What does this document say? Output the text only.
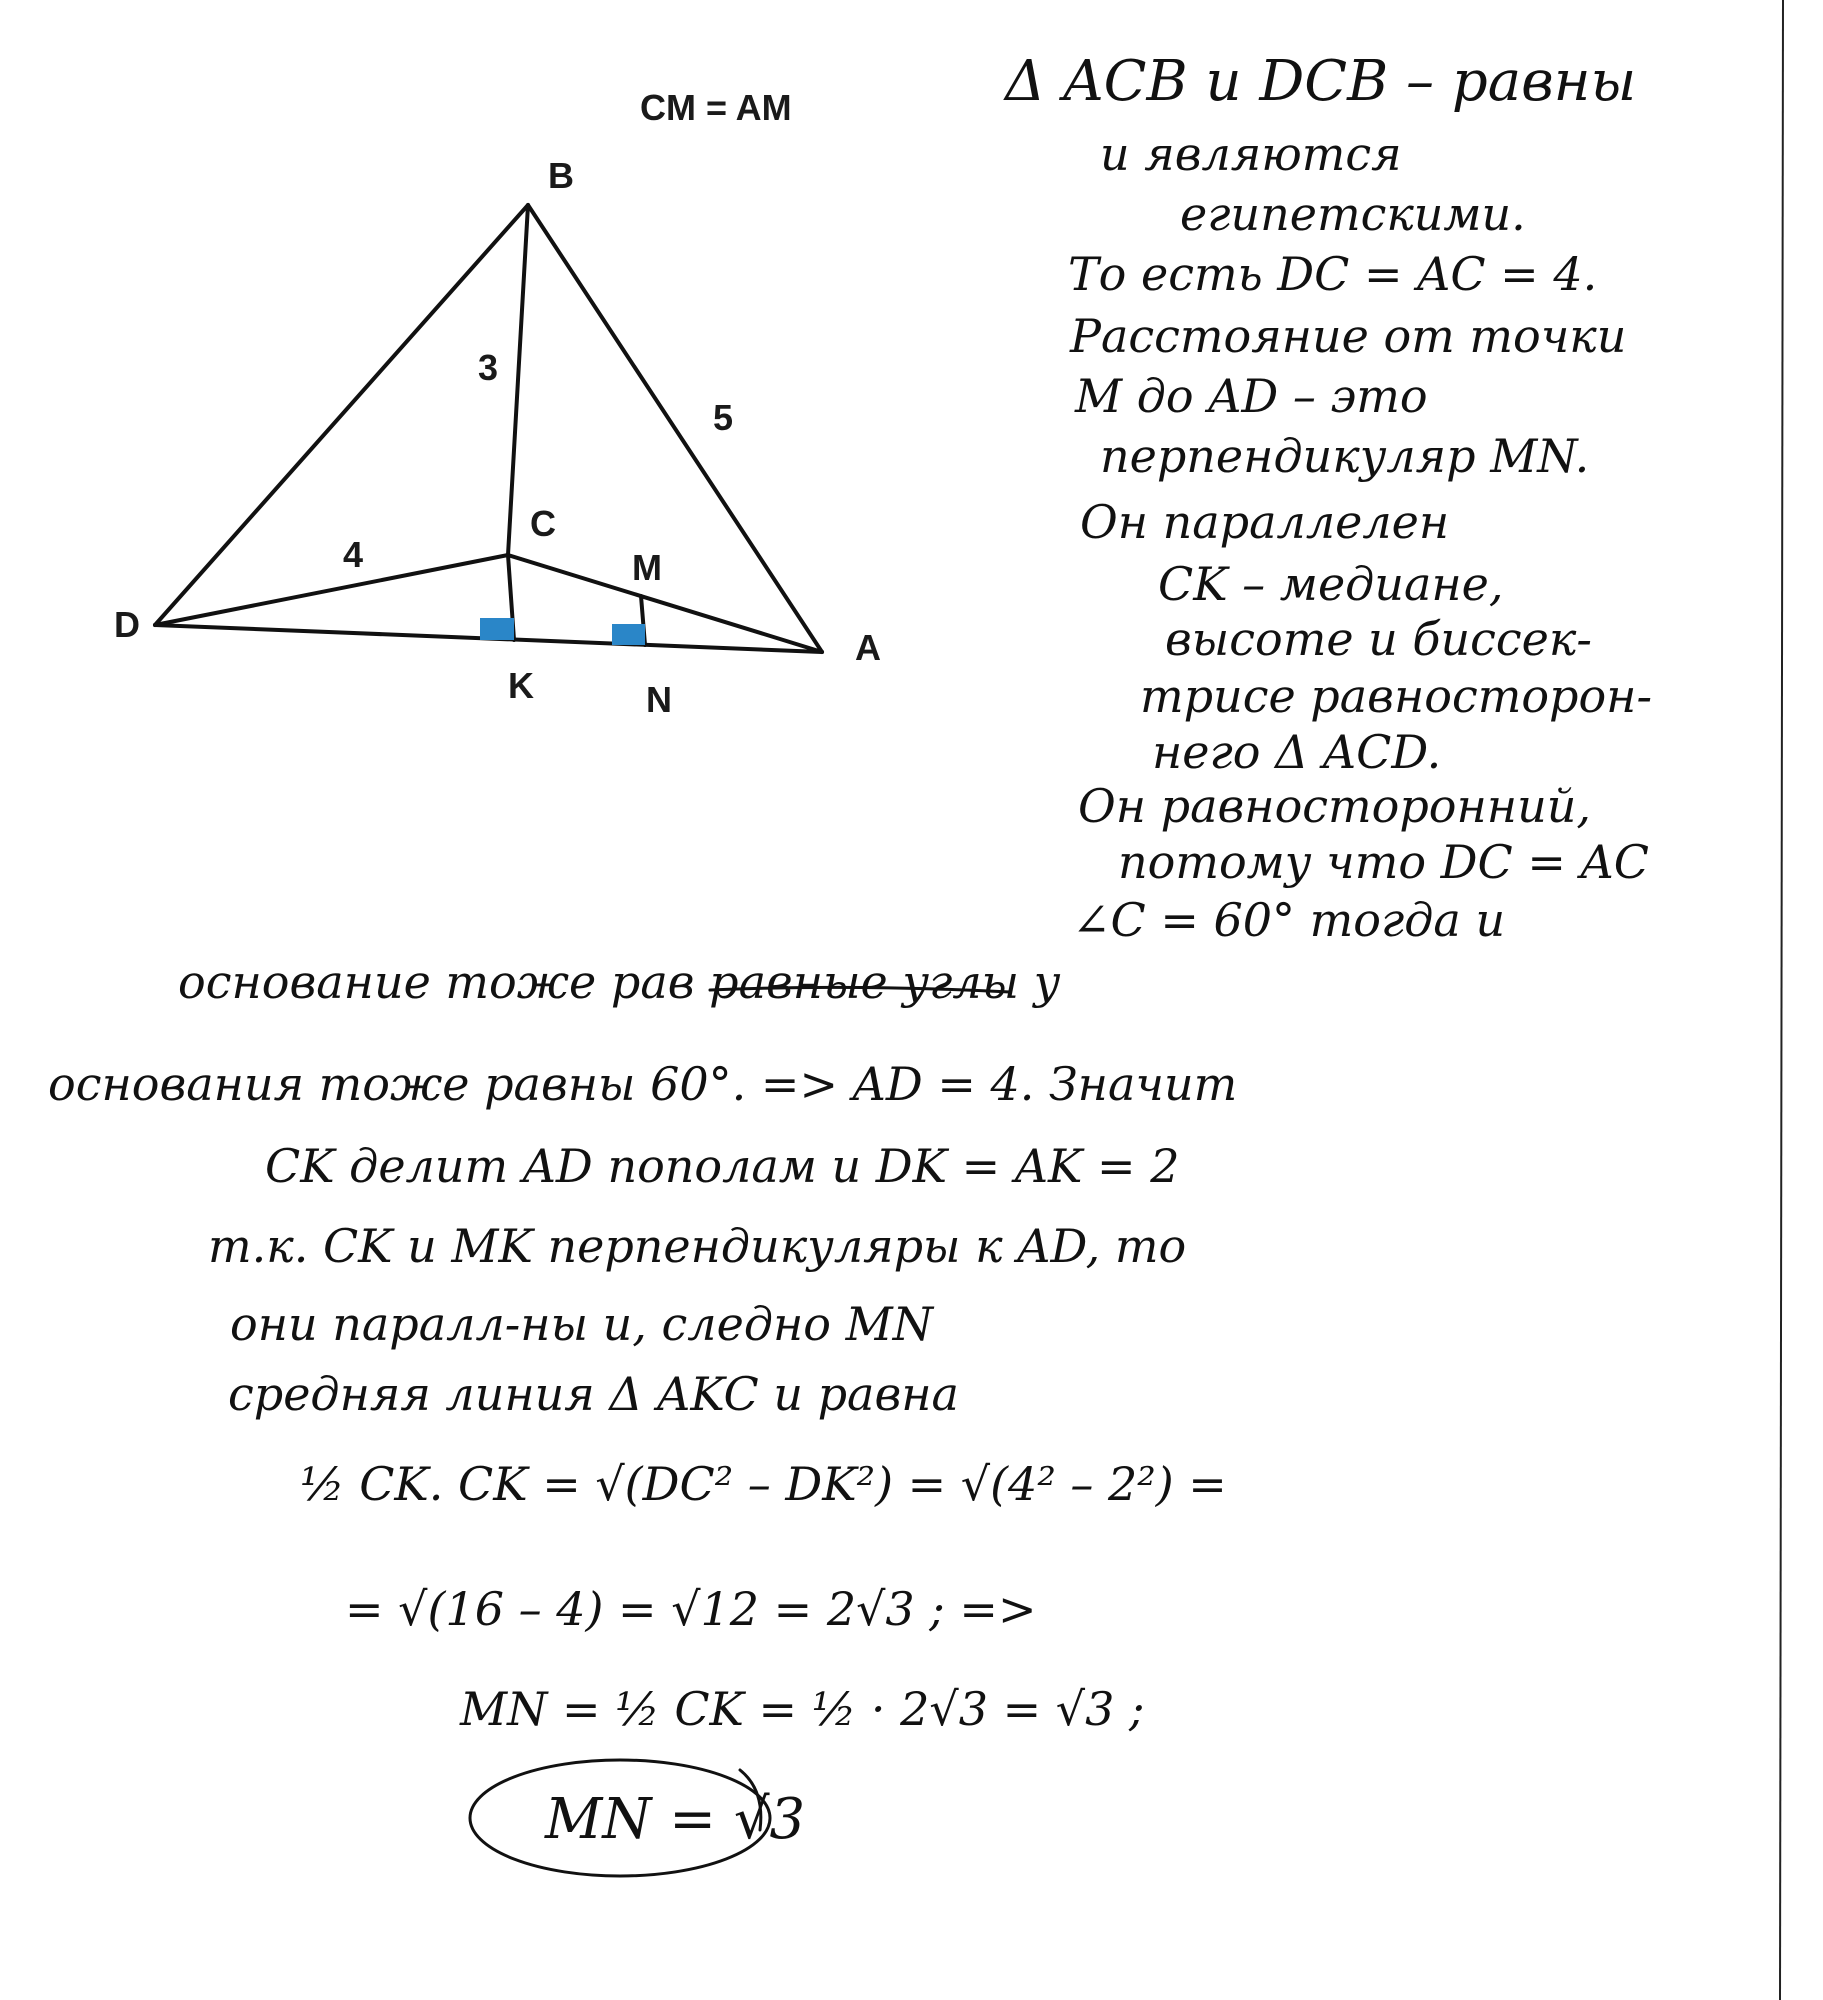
CM = AM
B
C
D
A
M
K	N
3
5
4
Δ ACB и DCB – равны
и являются
египетскими.
То есть DC = AC = 4.
Расстояние от точки
M до AD – это
перпендикуляр MN.
Он параллелен
CK – медиане,
высоте и биссек-
трисе равносторон-
него Δ ACD.
Он равносторонний,
потому что DC = AC
∠C = 60° тогда и
основание тоже рав равные углы у
основания тоже равны 60°. => AD = 4. Значит
CK делит AD пополам и DK = AK = 2
т.к. CK и MK перпендикуляры к AD, то
они паралл-ны и, следно MN
средняя линия Δ AKC и равна
½ CK. CK = √(DC² – DK²) = √(4² – 2²) =
= √(16 – 4) = √12 = 2√3 ; =>
MN = ½ CK = ½ · 2√3 = √3 ;
MN = √3
